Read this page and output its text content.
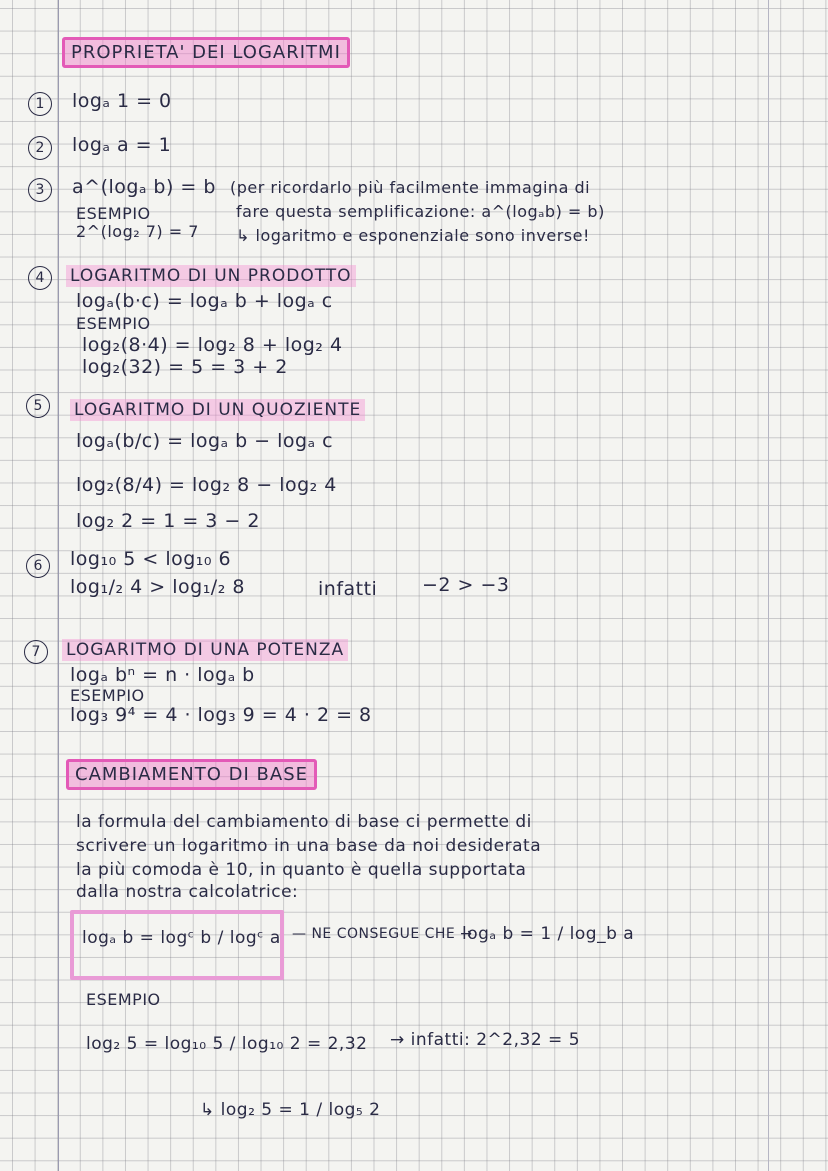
PROPRIETA' DEI LOGARITMI
1	logₐ 1 = 0
2	logₐ a = 1
3	a^(logₐ b) = b (per ricordarlo più facilmente immagina di
fare questa semplificazione: a^(logₐb) = b)
↳ logaritmo e esponenziale sono inverse!
ESEMPIO
2^(log₂ 7) = 7
4	LOGARITMO DI UN PRODOTTO
logₐ(b·c) = logₐ b + logₐ c
ESEMPIO
log₂(8·4) = log₂ 8 + log₂ 4
log₂(32) = 5 = 3 + 2
5	LOGARITMO DI UN QUOZIENTE
logₐ(b/c) = logₐ b − logₐ c
log₂(8/4) = log₂ 8 − log₂ 4
log₂ 2 = 1 = 3 − 2
6	log₁₀ 5 < log₁₀ 6
log₁/₂ 4 > log₁/₂ 8	infatti −2 > −3
7	LOGARITMO DI UNA POTENZA
logₐ bⁿ = n · logₐ b
ESEMPIO
log₃ 9⁴ = 4 · log₃ 9 = 4 · 2 = 8
CAMBIAMENTO DI BASE
la formula del cambiamento di base ci permette di
scrivere un logaritmo in una base da noi desiderata
la più comoda è 10, in quanto è quella supportata
dalla nostra calcolatrice:
logₐ b = logᶜ b / logᶜ a — NE CONSEGUE CHE →
logₐ b = 1 / log_b a
ESEMPIO
log₂ 5 = log₁₀ 5 / log₁₀ 2 = 2,32 → infatti: 2^2,32 = 5
↳ log₂ 5 = 1 / log₅ 2
